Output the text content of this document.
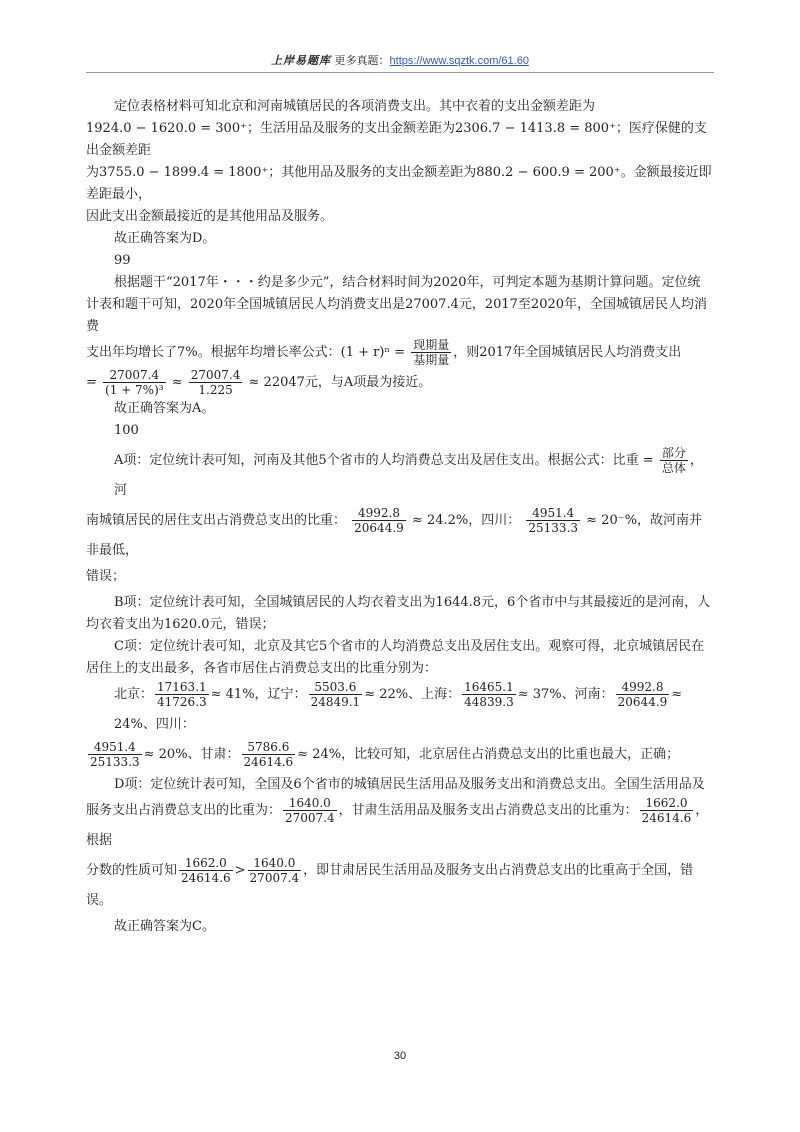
上岸易题库 更多真题：https://www.sqztk.com/61.60

定位表格材料可知北京和河南城镇居民的各项消费支出。其中衣着的支出金额差距为

1924.0 − 1620.0 = 300⁺；生活用品及服务的支出金额差距为2306.7 − 1413.8 = 800⁺；医疗保健的支出金额差距

为3755.0 − 1899.4 = 1800⁺；其他用品及服务的支出金额差距为880.2 − 600.9 = 200⁺。金额最接近即差距最小，

因此支出金额最接近的是其他用品及服务。

故正确答案为D。

99

根据题干“2017年・・・约是多少元”，结合材料时间为2020年，可判定本题为基期计算问题。定位统

计表和题干可知，2020年全国城镇居民人均消费支出是27007.4元，2017至2020年，全国城镇居民人均消费

支出年均增长了7%。根据年均增长率公式：$(1 + r)^n = \frac{\text{现期量}}{\text{基期量}}$ ，则2017年全国城镇居民人均消费支出

= $\frac{27007.4}{\text{(1 + 7\%)³}} \approx \frac{27007.4}{1.225} \approx 22047$元，与A项最为接近。

故正确答案为A。

100

A项：定位统计表可知，河南及其他5个省市的人均消费总支出及居住支出。根据公式：比重 = $\frac{\text{部分}}{\text{总体}}$ ，河

南城镇居民的居住支出占消费总支出的比重： $\frac{4992.8}{20644.9} \approx 24.2\%$，四川： $\frac{4951.4}{25133.3} \approx 20^-\%$，故河南并非最低，

错误；

B项：定位统计表可知，全国城镇居民的人均衣着支出为1644.8元，6个省市中与其最接近的是河南，人

均衣着支出为1620.0元，错误；

C项：定位统计表可知，北京及其它5个省市的人均消费总支出及居住支出。观察可得，北京城镇居民在

居住上的支出最多，各省市居住占消费总支出的比重分别为：

北京： $\frac{17163.1}{41726.3} \approx 41\%$，辽宁： $\frac{5503.6}{24849.1} \approx 22\%$、上海： $\frac{16465.1}{44839.3} \approx 37\%$、河南： $\frac{4992.8}{20644.9} \approx 24\%$、四川：

$\frac{4951.4}{25133.3} \approx 20\%$、甘肃： $\frac{5786.6}{24614.6} \approx 24\%$，比较可知，北京居住占消费总支出的比重也最大，正确；

D项：定位统计表可知，全国及6个省市的城镇居民生活用品及服务支出和消费总支出。全国生活用品及

服务支出占消费总支出的比重为： $\frac{1640.0}{27007.4}$ ，甘肃生活用品及服务支出占消费总支出的比重为： $\frac{1662.0}{24614.6}$ ，根据

分数的性质可知 $\frac{1662.0}{24614.6} > \frac{1640.0}{27007.4}$ ，即甘肃居民生活用品及服务支出占消费总支出的比重高于全国，错误。

故正确答案为C。

30
